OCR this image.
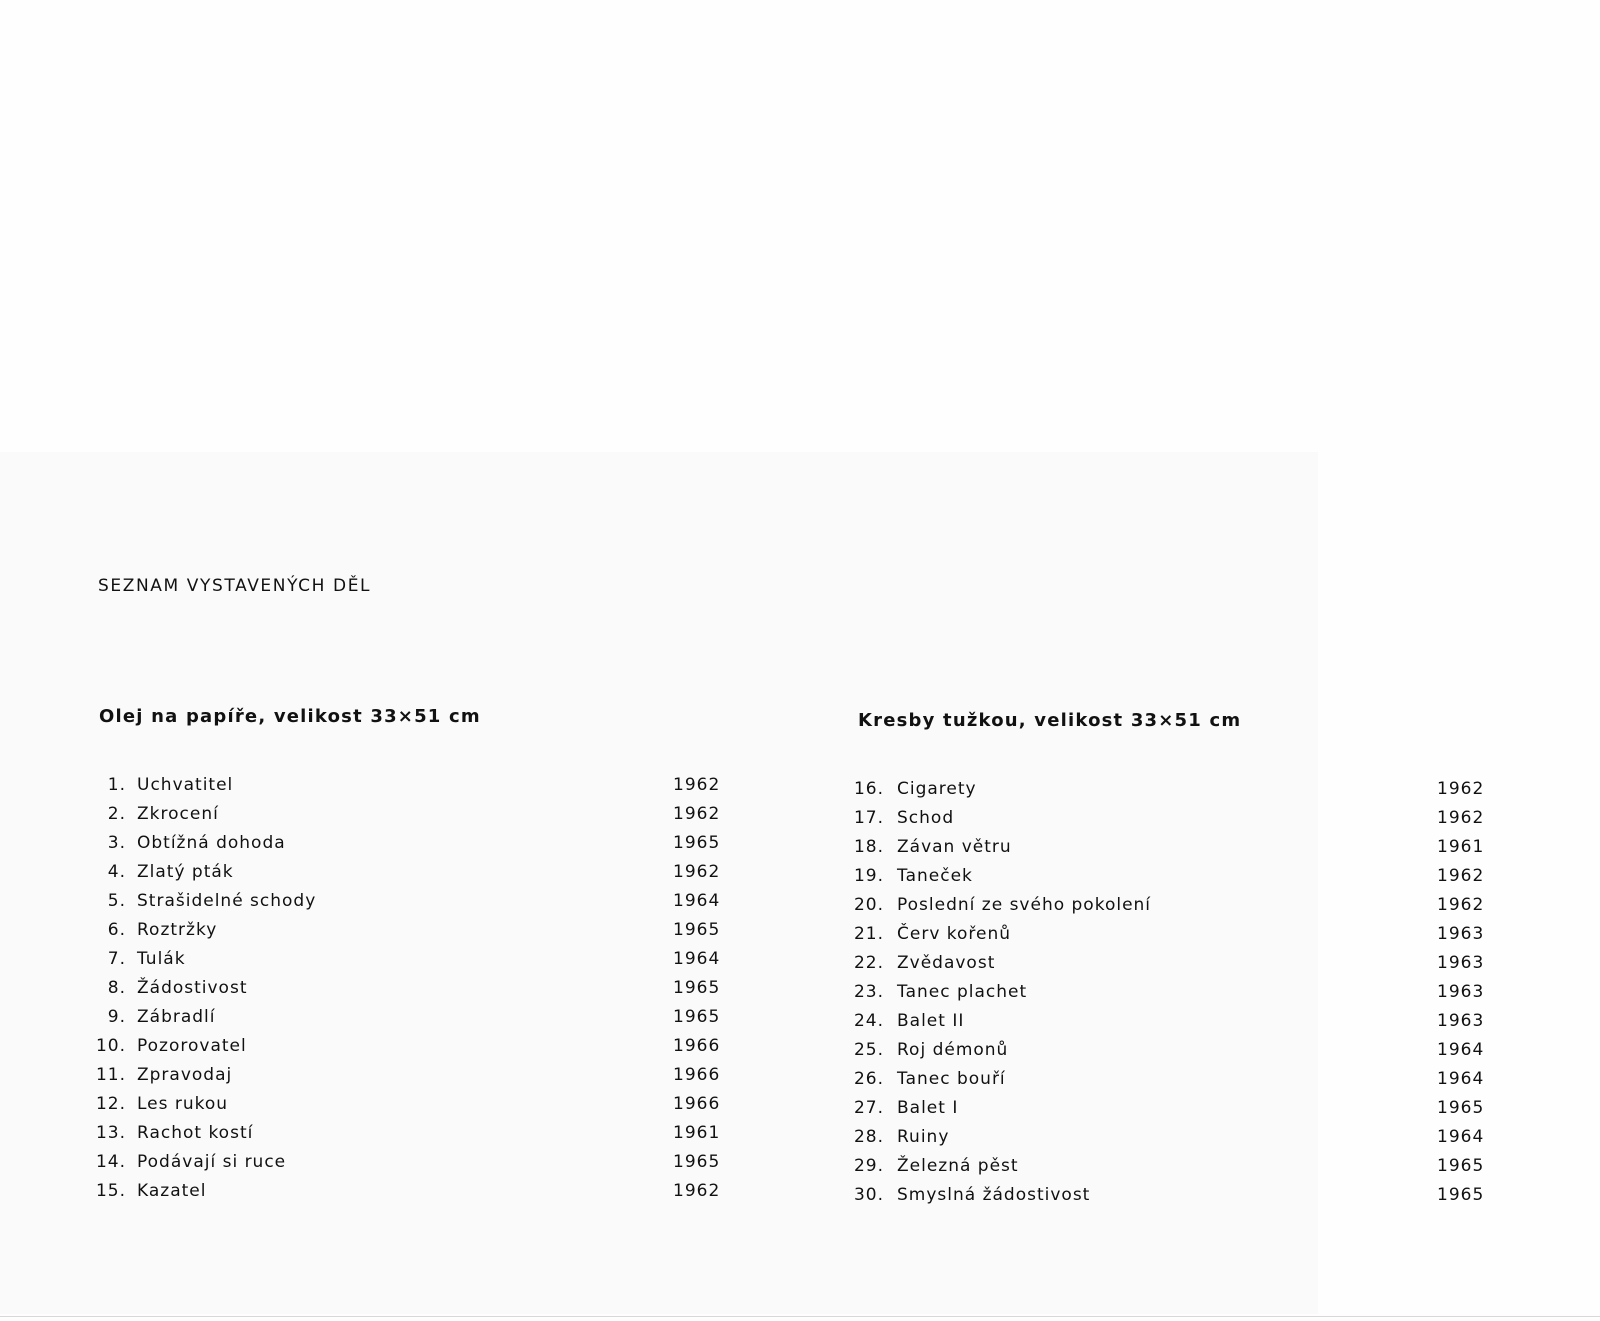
SEZNAM VYSTAVENÝCH DĚL
Olej na papíře, velikost 33×51 cm
1. Uchvatitel	1962
2. Zkrocení	1962
3. Obtížná dohoda	1965
4. Zlatý pták	1962
5. Strašidelné schody	1964
6. Roztržky	1965
7. Tulák	1964
8. Žádostivost	1965
9. Zábradlí	1965
10. Pozorovatel	1966
11. Zpravodaj	1966
12. Les rukou	1966
13. Rachot kostí	1961
14. Podávají si ruce	1965
15. Kazatel	1962
Kresby tužkou, velikost 33×51 cm
16. Cigarety	1962
17. Schod	1962
18. Závan větru	1961
19. Taneček	1962
20. Poslední ze svého pokolení	1962
21. Červ kořenů	1963
22. Zvědavost	1963
23. Tanec plachet	1963
24. Balet II	1963
25. Roj démonů	1964
26. Tanec bouří	1964
27. Balet I	1965
28. Ruiny	1964
29. Železná pěst	1965
30. Smyslná žádostivost	1965
